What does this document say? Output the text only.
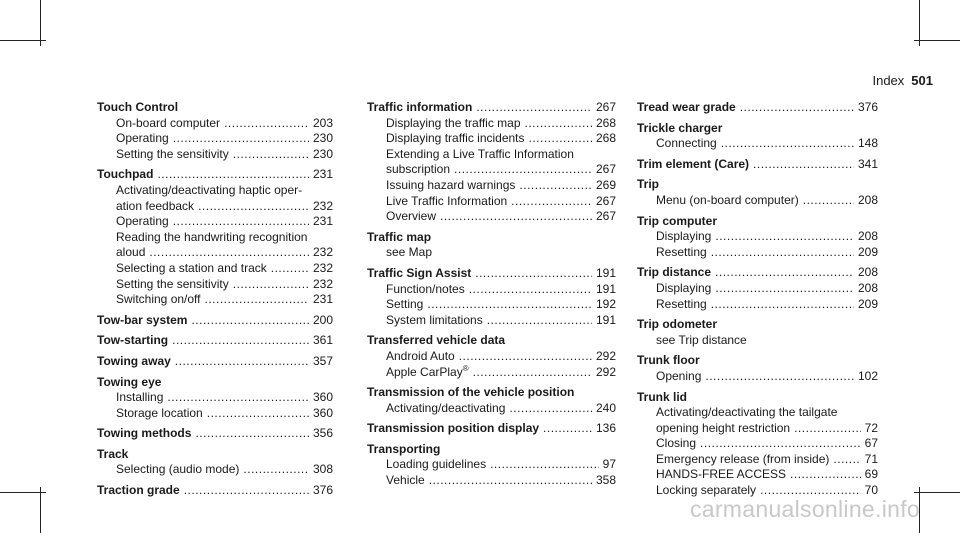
Index 501
Touch Control
On-board computer .....	203
Operating .....	230
Setting the sensitivity .....	230
Touchpad .....	231
Activating/deactivating haptic oper-
ation feedback .....	232
Operating .....	231
Reading the handwriting recognition
aloud .....	232
Selecting a station and track .....	232
Setting the sensitivity .....	232
Switching on/off .....	231
Tow-bar system .....	200
Tow-starting .....	361
Towing away .....	357
Towing eye
Installing .....	360
Storage location .....	360
Towing methods .....	356
Track
Selecting (audio mode) .....	308
Traction grade .....	376
Traffic information .....	267
Displaying the traffic map .....	268
Displaying traffic incidents .....	268
Extending a Live Traffic Information
subscription .....	267
Issuing hazard warnings .....	269
Live Traffic Information .....	267
Overview .....	267
Traffic map
see Map
Traffic Sign Assist .....	191
Function/notes .....	191
Setting .....	192
System limitations .....	191
Transferred vehicle data
Android Auto .....	292
Apple CarPlay® .....	292
Transmission of the vehicle position
Activating/deactivating .....	240
Transmission position display .....	136
Transporting
Loading guidelines .....	97
Vehicle .....	358
Tread wear grade .....	376
Trickle charger
Connecting .....	148
Trim element (Care) .....	341
Trip
Menu (on-board computer) .....	208
Trip computer
Displaying .....	208
Resetting .....	209
Trip distance .....	208
Displaying .....	208
Resetting .....	209
Trip odometer
see Trip distance
Trunk floor
Opening .....	102
Trunk lid
Activating/deactivating the tailgate
opening height restriction .....	72
Closing .....	67
Emergency release (from inside) .....	71
HANDS-FREE ACCESS .....	69
Locking separately .....	70
carmanualsonline.info
